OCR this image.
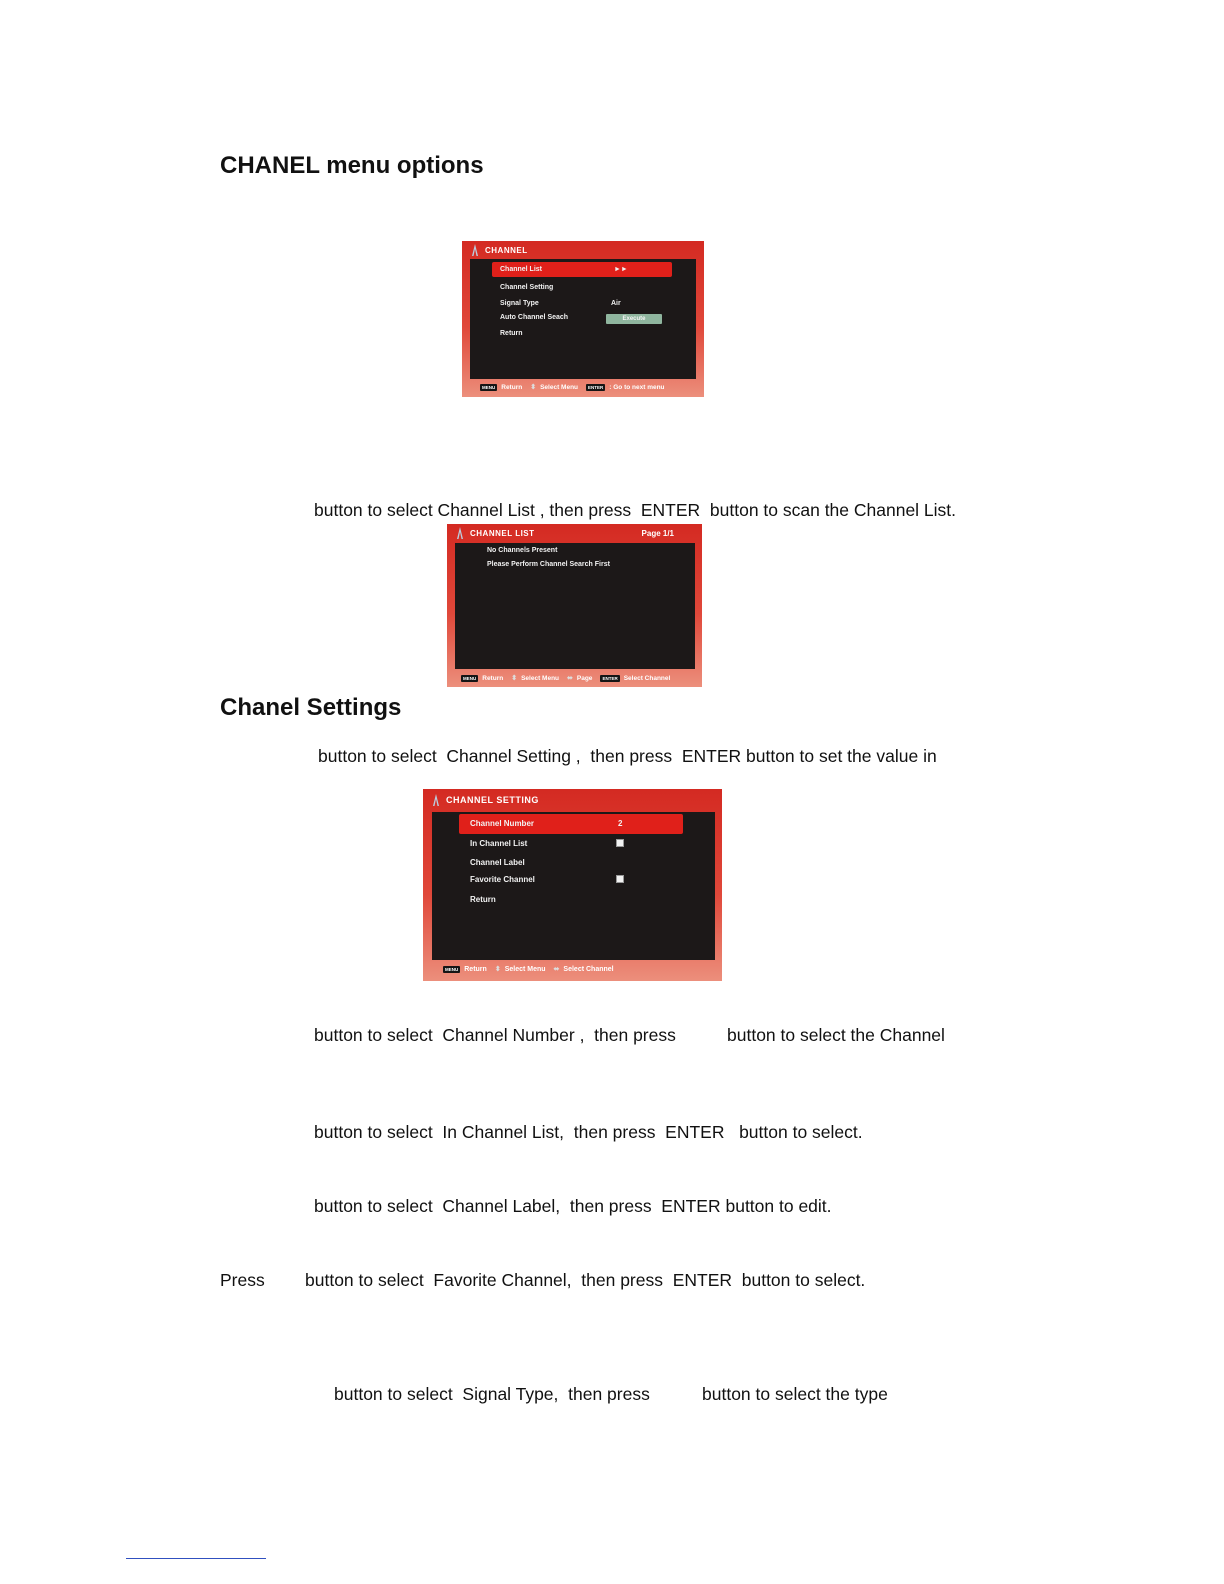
CHANEL menu options
CHANNEL
Channel List	►►
Channel Setting
Signal Type	Air
Auto Channel Seach	Execute
Return
MENU Return ⬍ Select Menu	ENTER : Go to next menu

button to select Channel List , then press  ENTER  button to scan the Channel List.

CHANNEL LIST	Page 1/1
No Channels Present
Please Perform Channel Search First
MENU Return ⬍ Select Menu ⬌ Page	ENTER Select Channel
Chanel Settings

button to select  Channel Setting ,  then press  ENTER button to set the value in

CHANNEL SETTING
Channel Number	2
In Channel List
Channel Label
Favorite Channel
Return
MENU Return ⬍ Select Menu ⬌ Select Channel

button to select  Channel Number ,  then press	button to select the Channel

button to select  In Channel List,  then press  ENTER   button to select.

button to select  Channel Label,  then press  ENTER button to edit.

Press button to select  Favorite Channel,  then press  ENTER  button to select.

button to select  Signal Type,  then press	button to select the type
